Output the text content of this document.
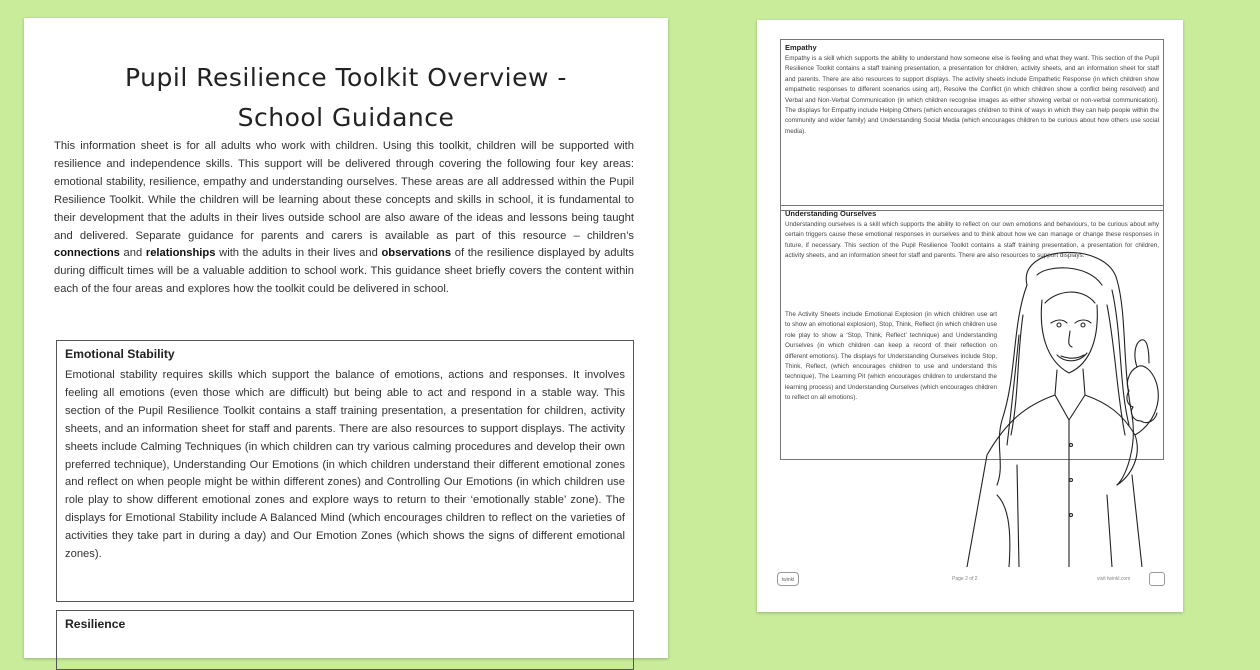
Pupil Resilience Toolkit Overview -
School Guidance

This information sheet is for all adults who work with children. Using this toolkit, children will be supported with resilience and independence skills. This support will be delivered through covering the following four key areas: emotional stability, resilience, empathy and understanding ourselves. These areas are all addressed within the Pupil Resilience Toolkit. While the children will be learning about these concepts and skills in school, it is fundamental to their development that the adults in their lives outside school are also aware of the ideas and lessons being taught and delivered. Separate guidance for parents and carers is available as part of this resource – children’s connections and relationships with the adults in their lives and observations of the resilience displayed by adults during difficult times will be a valuable addition to school work. This guidance sheet briefly covers the content within each of the four areas and explores how the toolkit could be delivered in school.

Emotional Stability

Emotional stability requires skills which support the balance of emotions, actions and responses. It involves feeling all emotions (even those which are difficult) but being able to act and respond in a stable way. This section of the Pupil Resilience Toolkit contains a staff training presentation, a presentation for children, activity sheets, and an information sheet for staff and parents. There are also resources to support displays. The activity sheets include Calming Techniques (in which children can try various calming procedures and develop their own preferred technique), Understanding Our Emotions (in which children understand their different emotional zones and reflect on when people might be within different zones) and Controlling Our Emotions (in which children use role play to show different emotional zones and explore ways to return to their ‘emotionally stable’ zone). The displays for Emotional Stability include A Balanced Mind (which encourages children to reflect on the varieties of activities they take part in during a day) and Our Emotion Zones (which shows the signs of different emotional zones).

Resilience
Empathy

Empathy is a skill which supports the ability to understand how someone else is feeling and what they want. This section of the Pupil Resilience Toolkit contains a staff training presentation, a presentation for children, activity sheets, and an information sheet for staff and parents. There are also resources to support displays. The activity sheets include Empathetic Response (in which children show empathetic responses to different scenarios using art), Resolve the Conflict (in which children show a conflict being resolved) and Verbal and Non-Verbal Communication (in which children recognise images as either showing verbal or non-verbal communication). The displays for Empathy include Helping Others (which encourages children to think of ways in which they can help people within the community and wider family) and Understanding Social Media (which encourages children to be curious about how others use social media).

Understanding Ourselves

Understanding ourselves is a skill which supports the ability to reflect on our own emotions and behaviours, to be curious about why certain triggers cause these emotional responses in ourselves and to think about how we can manage or change these responses in future, if necessary. This section of the Pupil Resilience Toolkit contains a staff training presentation, a presentation for children, activity sheets, and an information sheet for staff and parents. There are also resources to support displays.

The Activity Sheets include Emotional Explosion (in which children use art to show an emotional explosion), Stop, Think, Reflect (in which children use role play to show a ‘Stop, Think, Reflect’ technique) and Understanding Ourselves (in which children can keep a record of their reflection on different emotions). The displays for Understanding Ourselves include Stop, Think, Reflect, (which encourages children to use and understand this technique), The Learning Pit (which encourages children to understand the learning process) and Understanding Ourselves (which encourages children to reflect on all emotions).

twinkl	Page 2 of 2	visit twinkl.com
